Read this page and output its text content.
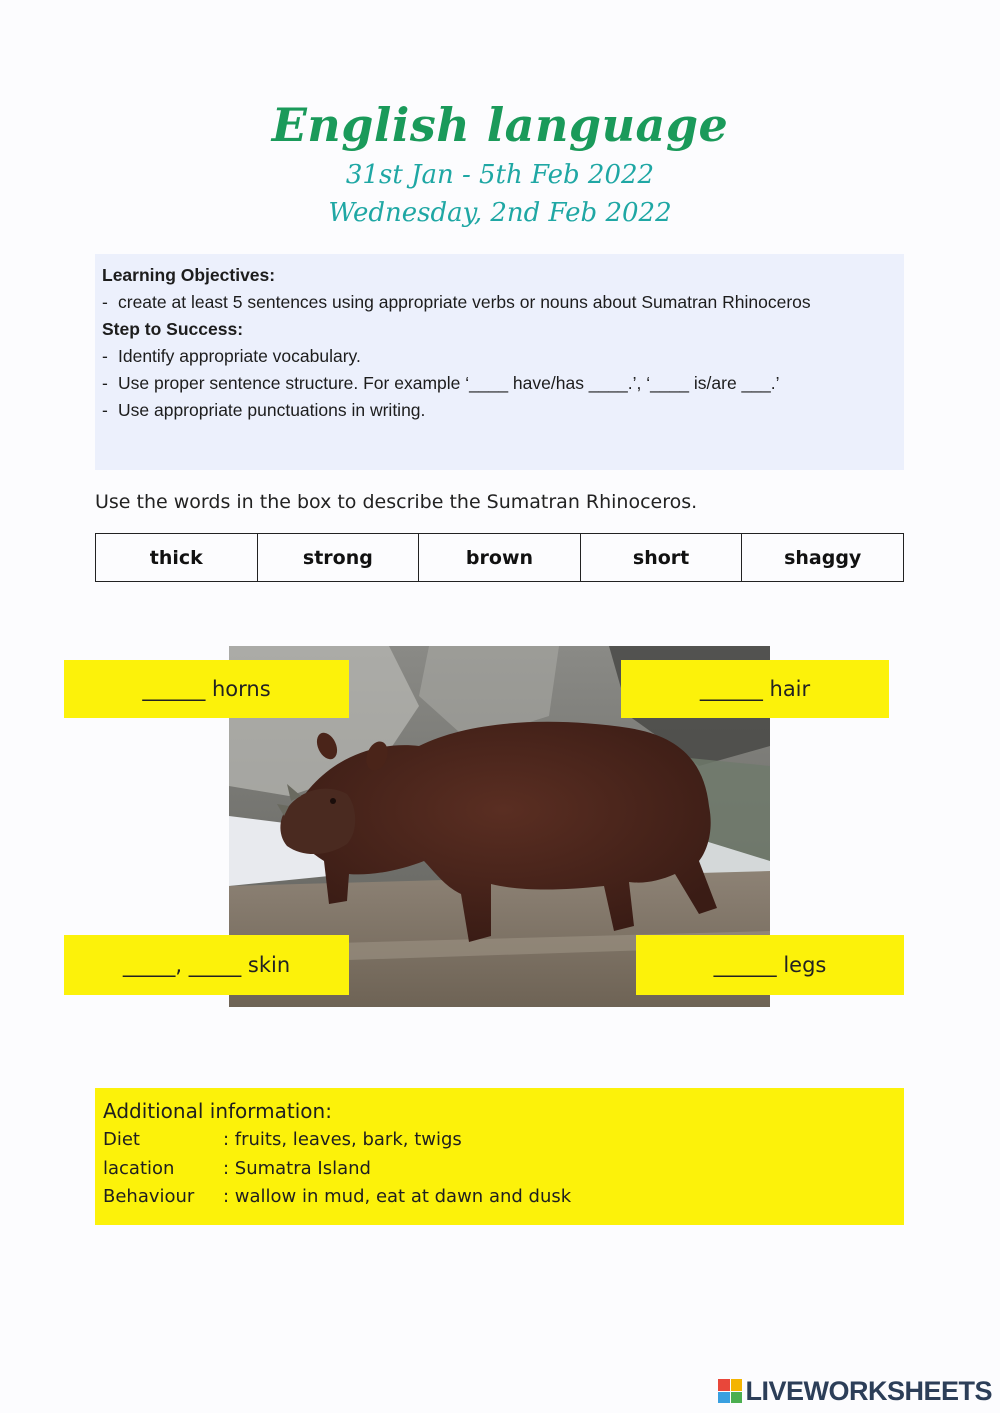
English language
31st Jan - 5th Feb 2022
Wednesday, 2nd Feb 2022
Learning Objectives:
- create at least 5 sentences using appropriate verbs or nouns about Sumatran Rhinoceros
Step to Success:
- Identify appropriate vocabulary.
- Use proper sentence structure. For example ‘____ have/has ____.’, ‘____ is/are ___.’
- Use appropriate punctuations in writing.
Use the words in the box to describe the Sumatran Rhinoceros.
thick	strong	brown	short	shaggy
______ horns	______ hair
_____, _____ skin	______ legs
Additional information:
Diet	: fruits, leaves, bark, twigs
lacation	: Sumatra Island
Behaviour	: wallow in mud, eat at dawn and dusk
LIVEWORKSHEETS
